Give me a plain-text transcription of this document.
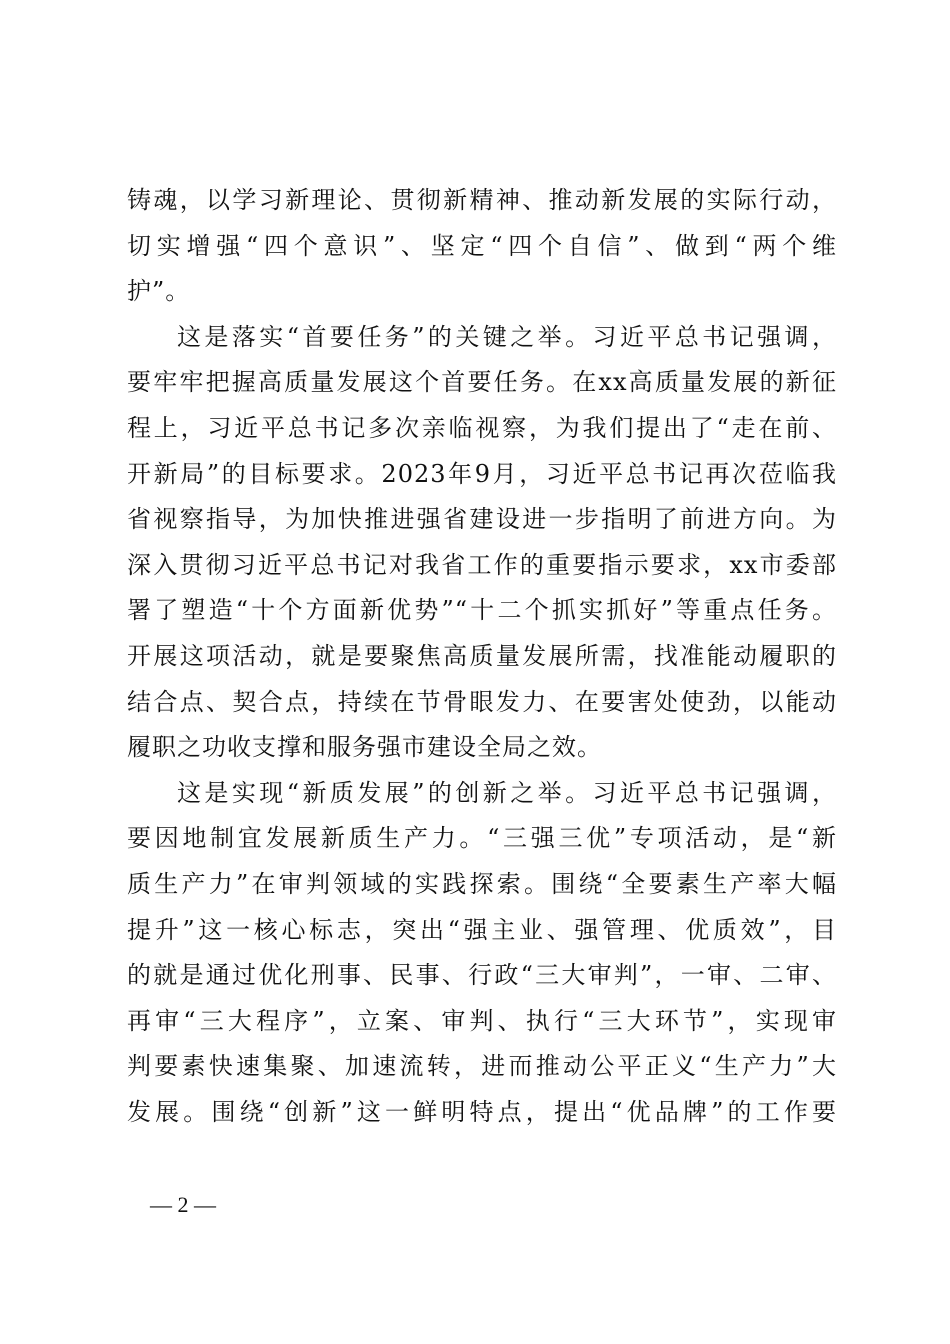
铸魂，以学习新理论、贯彻新精神、推动新发展的实际行动，
切实增强“四个意识”、坚定“四个自信”、做到“两个维
护”。
这是落实“首要任务”的关键之举。习近平总书记强调，
要牢牢把握高质量发展这个首要任务。在xx高质量发展的新征
程上，习近平总书记多次亲临视察，为我们提出了“走在前、
开新局”的目标要求。2023年9月，习近平总书记再次莅临我
省视察指导，为加快推进强省建设进一步指明了前进方向。为
深入贯彻习近平总书记对我省工作的重要指示要求，xx市委部
署了塑造“十个方面新优势”“十二个抓实抓好”等重点任务。
开展这项活动，就是要聚焦高质量发展所需，找准能动履职的
结合点、契合点，持续在节骨眼发力、在要害处使劲，以能动
履职之功收支撑和服务强市建设全局之效。
这是实现“新质发展”的创新之举。习近平总书记强调，
要因地制宜发展新质生产力。“三强三优”专项活动，是“新
质生产力”在审判领域的实践探索。围绕“全要素生产率大幅
提升”这一核心标志，突出“强主业、强管理、优质效”，目
的就是通过优化刑事、民事、行政“三大审判”，一审、二审、
再审“三大程序”，立案、审判、执行“三大环节”，实现审
判要素快速集聚、加速流转，进而推动公平正义“生产力”大
发展。围绕“创新”这一鲜明特点，提出“优品牌”的工作要
— 2 —
